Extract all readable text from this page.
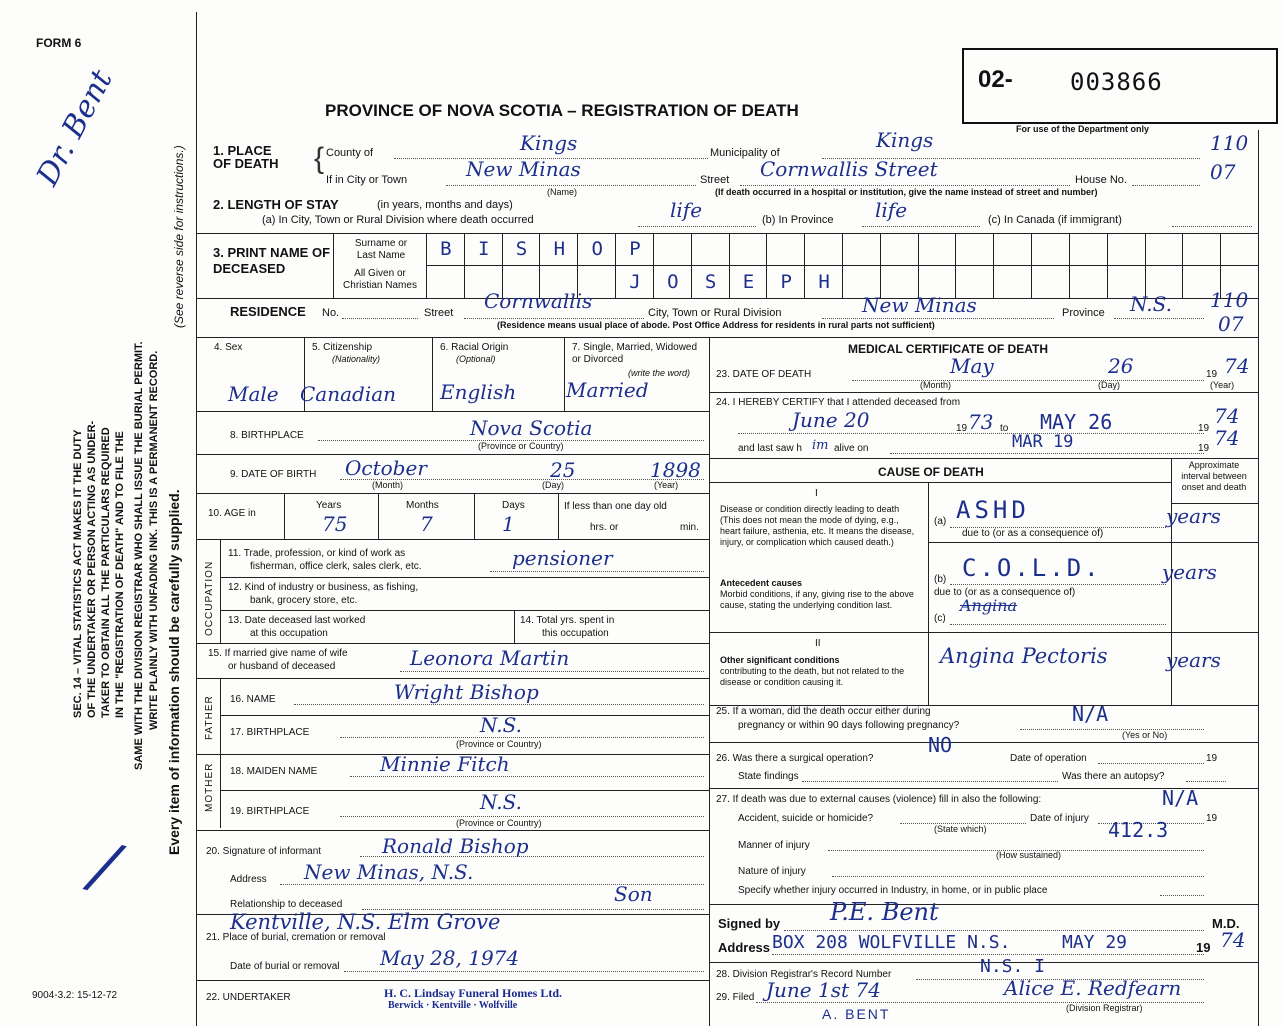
FORM 6
PROVINCE OF NOVA SCOTIA – REGISTRATION OF DEATH
02- 003866
For use of the Department only
Dr. Bent
/
SEC. 14 – VITAL STATISTICS ACT MAKES IT THE DUTY OF THE UNDERTAKER OR PERSON ACTING AS UNDER- TAKER TO OBTAIN ALL THE PARTICULARS REQUIRED IN THE "REGISTRATION OF DEATH" AND TO FILE THE SAME WITH THE DIVISION REGISTRAR WHO SHALL ISSUE THE BURIAL PERMIT. WRITE PLAINLY WITH UNFADING INK. THIS IS A PERMANENT RECORD. Every item of information should be carefully supplied.
(See reverse side for instructions.)
9004-3.2: 15-12-72
1. PLACE OF DEATH	{ County of	Kings	Municipality of
Kings	110
If in City or Town	New Minas
(Name)
Street Cornwallis Street	House No.	07
(If death occurred in a hospital or institution, give the name instead of street and number)
2. LENGTH OF STAY	(in years, months and days)
(a) In City, Town or Rural Division where death occurred	life	(b) In Province life	(c) In Canada (if immigrant)
3. PRINT NAME OF DECEASED
Surname or Last Name
All Given or Christian Names
B	I	S	H	O	P
J	O	S	E	P	H
RESIDENCE No.	Street Cornwallis	City, Town or Rural Division	New Minas	Province N.S. 110
07
(Residence means usual place of abode. Post Office Address for residents in rural parts not sufficient)
4. Sex	5. Citizenship
(Nationality)
6. Racial Origin
(Optional)
7. Single, Married, Widowed or Divorced
(write the word)
Male Canadian English Married
8. BIRTHPLACE	Nova Scotia
(Province or Country)
9. DATE OF BIRTH October	25	1898
(Month)	(Day)	(Year)
10. AGE in
Years
75
Months
7
Days
1
If less than one day old
hrs. or	min.
OCCUPATION
11. Trade, profession, or kind of work as
fisherman, office clerk, sales clerk, etc.	pensioner
12. Kind of industry or business, as fishing,
bank, grocery store, etc.
13. Date deceased last worked
at this occupation
14. Total yrs. spent in
this occupation
15. If married give name of wife
or husband of deceased	Leonora Martin
FATHER 16. NAME	Wright Bishop
17. BIRTHPLACE	N.S.
(Province or Country)
MOTHER 18. MAIDEN NAME	Minnie Fitch
19. BIRTHPLACE	N.S.
(Province or Country)
20. Signature of informant	Ronald Bishop
Address New Minas, N.S.
Relationship to deceased	Son
Kentville, N.S. Elm Grove
21. Place of burial, cremation or removal
Date of burial or removal May 28, 1974
22. UNDERTAKER	H. C. Lindsay Funeral Homes Ltd.
Berwick · Kentville · Wolfville
MEDICAL CERTIFICATE OF DEATH
23. DATE OF DEATH	May	26	19 74
(Month)	(Day)	(Year)
24. I HEREBY CERTIFY that I attended deceased from
June 20	19 73 to MAY 26	19
74
and last saw h im alive on	MAR 19	19 74
CAUSE OF DEATH	Approximate interval between onset and death
I
Disease or condition directly leading to death (This does not mean the mode of dying, e.g., heart failure, asthenia, etc. It means the disease, injury, or complication which caused death.)
(a) ASHD	years
due to (or as a consequence of)
Antecedent causes
Morbid conditions, if any, giving rise to the above cause, stating the underlying condition last.
(b) C.O.L.D.	years
due to (or as a consequence of)
(c)
Angina
II
Other significant conditions
contributing to the death, but not related to the disease or condition causing it.
Angina Pectoris	years
25. If a woman, did the death occur either during
pregnancy or within 90 days following pregnancy?	N/A
(Yes or No)
26. Was there a surgical operation?
NO
Date of operation	19
State findings	Was there an autopsy?
27. If death was due to external causes (violence) fill in also the following:	N/A
Accident, suicide or homicide?	Date of injury	19
(State which)	412.3
Manner of injury
(How sustained)
Nature of injury
Specify whether injury occurred in Industry, in home, or in public place
Signed by P.E. Bent	M.D.
Address BOX 208 WOLFVILLE N.S.	MAY 29	19 74
28. Division Registrar's Record Number	N.S. I
29. Filed June 1st 74	Alice E. Redfearn
(Division Registrar)
A. BENT
